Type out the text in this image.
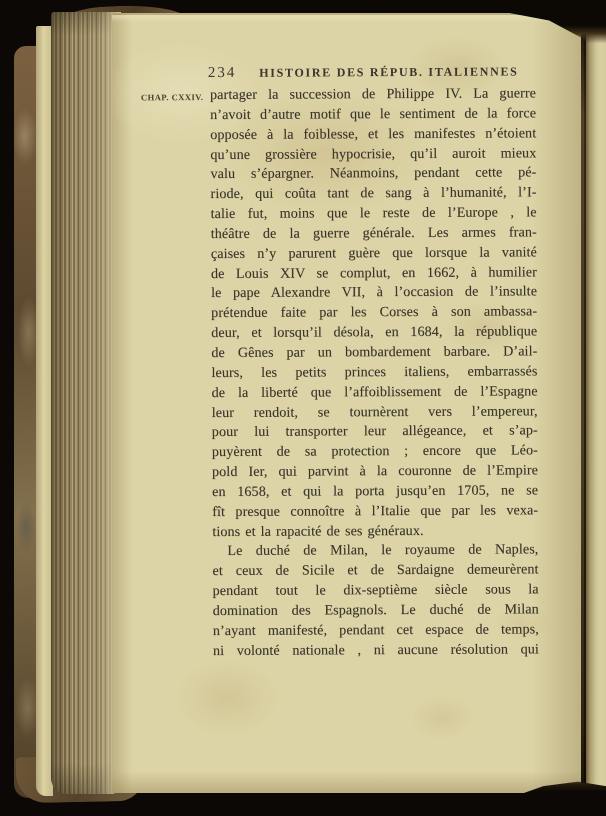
234	HISTOIRE DES RÉPUB. ITALIENNES
CHAP. CXXIV. partager la succession de Philippe IV. La guerre
n’avoit d’autre motif que le sentiment de la force
opposée à la foiblesse, et les manifestes n’étoient
qu’une grossière hypocrisie, qu’il auroit mieux
valu s’épargner. Néanmoins, pendant cette pé-
riode, qui coûta tant de sang à l’humanité, l’I-
talie fut, moins que le reste de l’Europe , le
théâtre de la guerre générale. Les armes fran-
çaises n’y parurent guère que lorsque la vanité
de Louis XIV se complut, en 1662, à humilier
le pape Alexandre VII, à l’occasion de l’insulte
prétendue faite par les Corses à son ambassa-
deur, et lorsqu’il désola, en 1684, la république
de Gênes par un bombardement barbare. D’ail-
leurs, les petits princes italiens, embarrassés
de la liberté que l’affoiblissement de l’Espagne
leur rendoit, se tournèrent vers l’empereur,
pour lui transporter leur allégeance, et s’ap-
puyèrent de sa protection ; encore que Léo-
pold Ier, qui parvint à la couronne de l’Empire
en 1658, et qui la porta jusqu’en 1705, ne se
fît presque connoître à l’Italie que par les vexa-
tions et la rapacité de ses généraux.
Le duché de Milan, le royaume de Naples,
et ceux de Sicile et de Sardaigne demeurèrent
pendant tout le dix-septième siècle sous la
domination des Espagnols. Le duché de Milan
n’ayant manifesté, pendant cet espace de temps,
ni volonté nationale , ni aucune résolution qui
